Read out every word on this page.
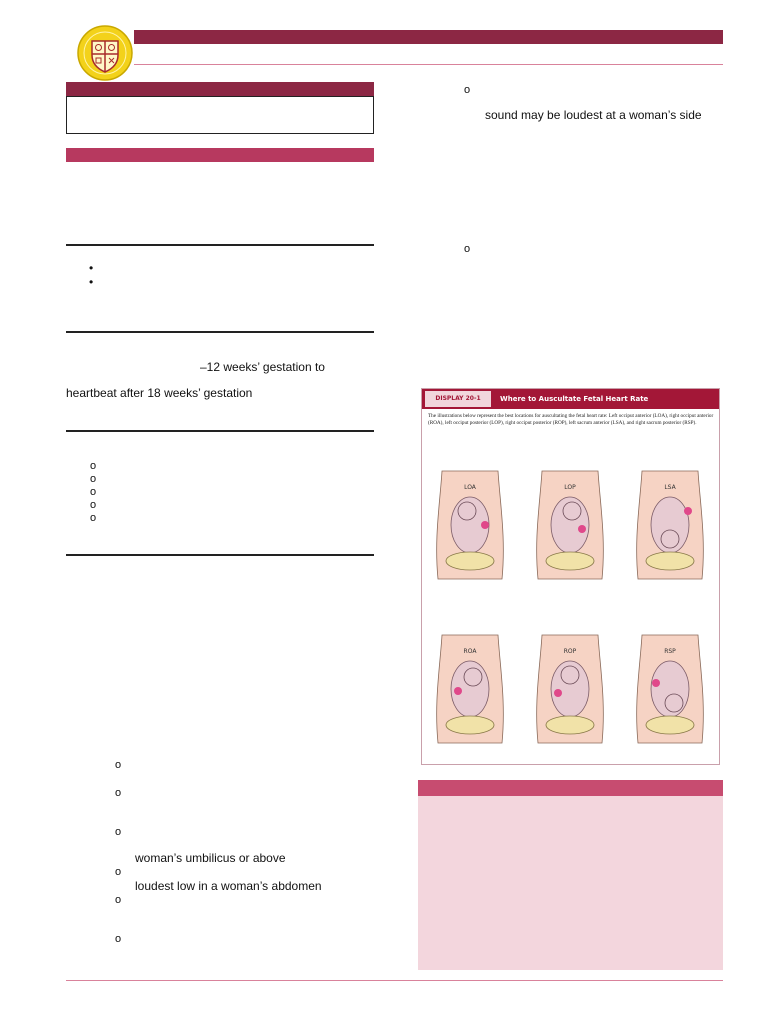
•
•
–12 weeks’ gestation to
heartbeat after 18 weeks’ gestation
o
o
o
o
o
o
o
o
woman’s umbilicus or above
o
loudest low in a woman’s abdomen
o
o
o
sound may be loudest at a woman’s side
o
DISPLAY 20-1	Where to Auscultate Fetal Heart Rate
The illustrations below represent the best locations for auscultating the fetal heart rate: Left occiput anterior (LOA), right occiput anterior (ROA), left occiput posterior (LOP), right occiput posterior (ROP), left sacrum anterior (LSA), and right sacrum posterior (RSP).
LOA	LOP	LSA
ROA	ROP	RSP
